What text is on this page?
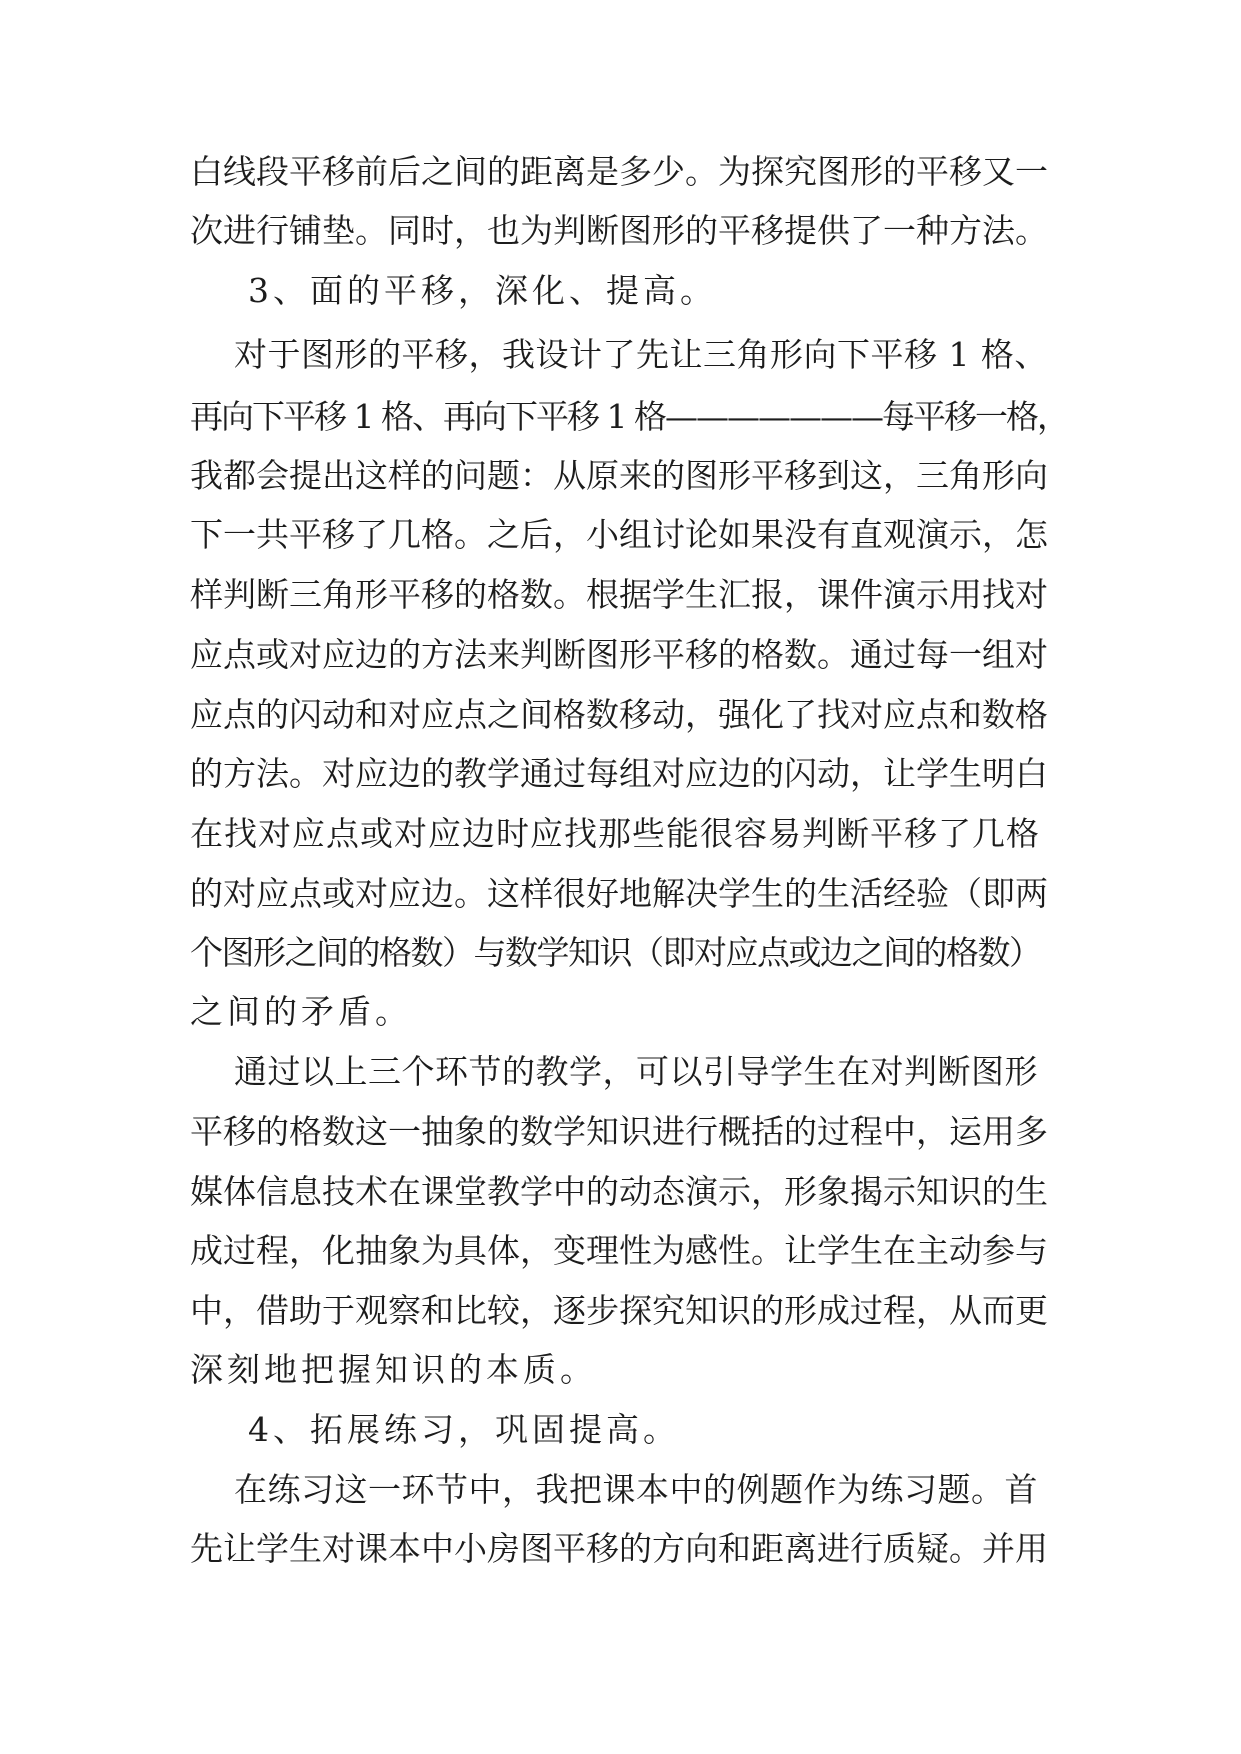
白线段平移前后之间的距离是多少。为探究图形的平移又一
次进行铺垫。同时，也为判断图形的平移提供了一种方法。
3、面的平移，深化、提高。
对于图形的平移，我设计了先让三角形向下平移 1 格、
再向下平移 1 格、再向下平移 1 格———————每平移一格，
我都会提出这样的问题：从原来的图形平移到这，三角形向
下一共平移了几格。之后，小组讨论如果没有直观演示，怎
样判断三角形平移的格数。根据学生汇报，课件演示用找对
应点或对应边的方法来判断图形平移的格数。通过每一组对
应点的闪动和对应点之间格数移动，强化了找对应点和数格
的方法。对应边的教学通过每组对应边的闪动，让学生明白
在找对应点或对应边时应找那些能很容易判断平移了几格
的对应点或对应边。这样很好地解决学生的生活经验（即两
个图形之间的格数）与数学知识（即对应点或边之间的格数）
之间的矛盾。
通过以上三个环节的教学，可以引导学生在对判断图形
平移的格数这一抽象的数学知识进行概括的过程中，运用多
媒体信息技术在课堂教学中的动态演示，形象揭示知识的生
成过程，化抽象为具体，变理性为感性。让学生在主动参与
中，借助于观察和比较，逐步探究知识的形成过程，从而更
深刻地把握知识的本质。
4、拓展练习，巩固提高。
在练习这一环节中，我把课本中的例题作为练习题。首
先让学生对课本中小房图平移的方向和距离进行质疑。并用
